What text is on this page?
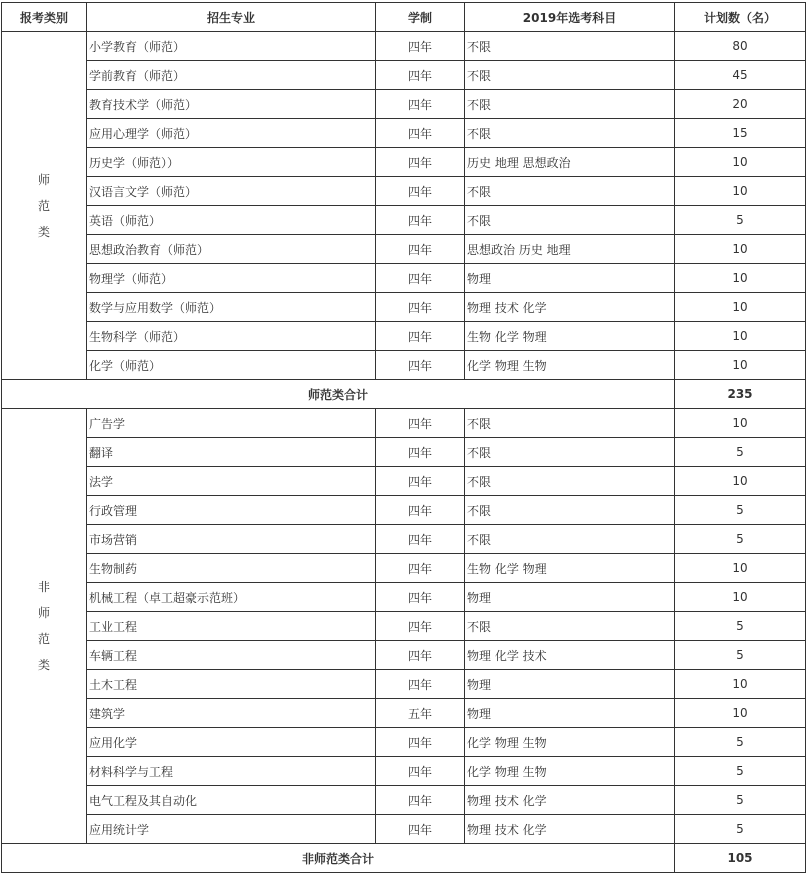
报考类别	招生专业	学制	2019年选考科目	计划数（名）

师
范
类	小学教育（师范）	四年	不限	80
	学前教育（师范）	四年	不限	45
	教育技术学（师范）	四年	不限	20
	应用心理学（师范）	四年	不限	15
	历史学（师范））	四年	历史 地理 思想政治	10
	汉语言文学（师范）	四年	不限	10
	英语（师范）	四年	不限	5
	思想政治教育（师范）	四年	思想政治 历史 地理	10
	物理学（师范）	四年	物理	10
	数学与应用数学（师范）	四年	物理 技术 化学	10
	生物科学（师范）	四年	生物 化学 物理	10
	化学（师范）	四年	化学 物理 生物	10
师范类合计				235

非
师
范
类	广告学	四年	不限	10
	翻译	四年	不限	5
	法学	四年	不限	10
	行政管理	四年	不限	5
	市场营销	四年	不限	5
	生物制药	四年	生物 化学 物理	10
	机械工程（卓工超豪示范班）	四年	物理	10
	工业工程	四年	不限	5
	车辆工程	四年	物理 化学 技术	5
	土木工程	四年	物理	10
	建筑学	五年	物理	10
	应用化学	四年	化学 物理 生物	5
	材料科学与工程	四年	化学 物理 生物	5
	电气工程及其自动化	四年	物理 技术 化学	5
	应用统计学	四年	物理 技术 化学	5
非师范类合计				105
